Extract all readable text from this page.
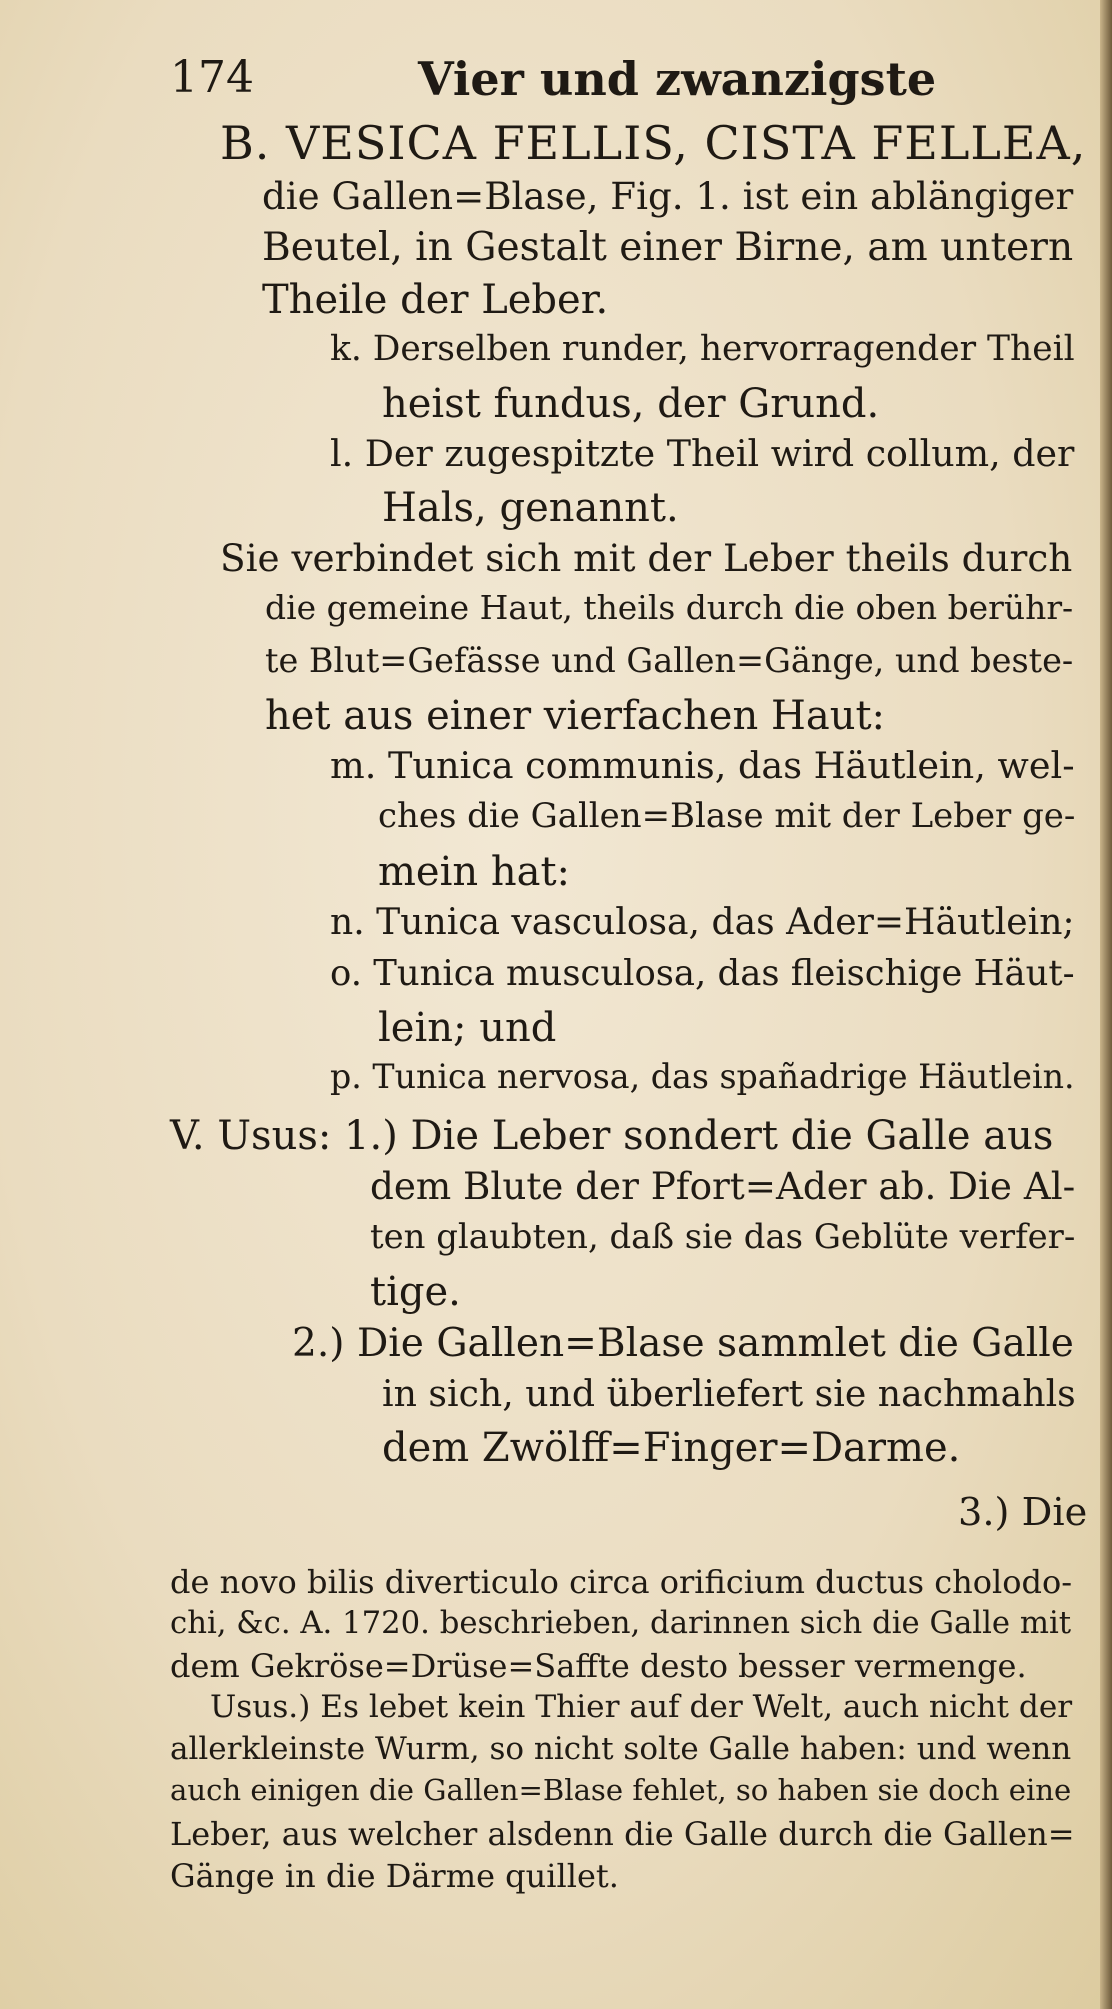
174	Vier und zwanzigste
B. VESICA FELLIS, CISTA FELLEA,
die Gallen=Blase, Fig. 1. ist ein ablängiger
Beutel, in Gestalt einer Birne, am untern
Theile der Leber.
k. Derselben runder, hervorragender Theil
heist fundus, der Grund.
l. Der zugespitzte Theil wird collum, der
Hals, genannt.
Sie verbindet sich mit der Leber theils durch
die gemeine Haut, theils durch die oben berühr-
te Blut=Gefässe und Gallen=Gänge, und beste-
het aus einer vierfachen Haut:
m. Tunica communis, das Häutlein, wel-
ches die Gallen=Blase mit der Leber ge-
mein hat:
n. Tunica vasculosa, das Ader=Häutlein;
o. Tunica musculosa, das fleischige Häut-
lein; und
p. Tunica nervosa, das spañadrige Häutlein.
V. Usus: 1.) Die Leber sondert die Galle aus
dem Blute der Pfort=Ader ab. Die Al-
ten glaubten, daß sie das Geblüte verfer-
tige.
2.) Die Gallen=Blase sammlet die Galle
in sich, und überliefert sie nachmahls
dem Zwölff=Finger=Darme.
3.) Die
de novo bilis diverticulo circa orificium ductus cholodo-
chi, &c. A. 1720. beschrieben, darinnen sich die Galle mit
dem Gekröse=Drüse=Saffte desto besser vermenge.
Usus.) Es lebet kein Thier auf der Welt, auch nicht der
allerkleinste Wurm, so nicht solte Galle haben: und wenn
auch einigen die Gallen=Blase fehlet, so haben sie doch eine
Leber, aus welcher alsdenn die Galle durch die Gallen=
Gänge in die Därme quillet.
